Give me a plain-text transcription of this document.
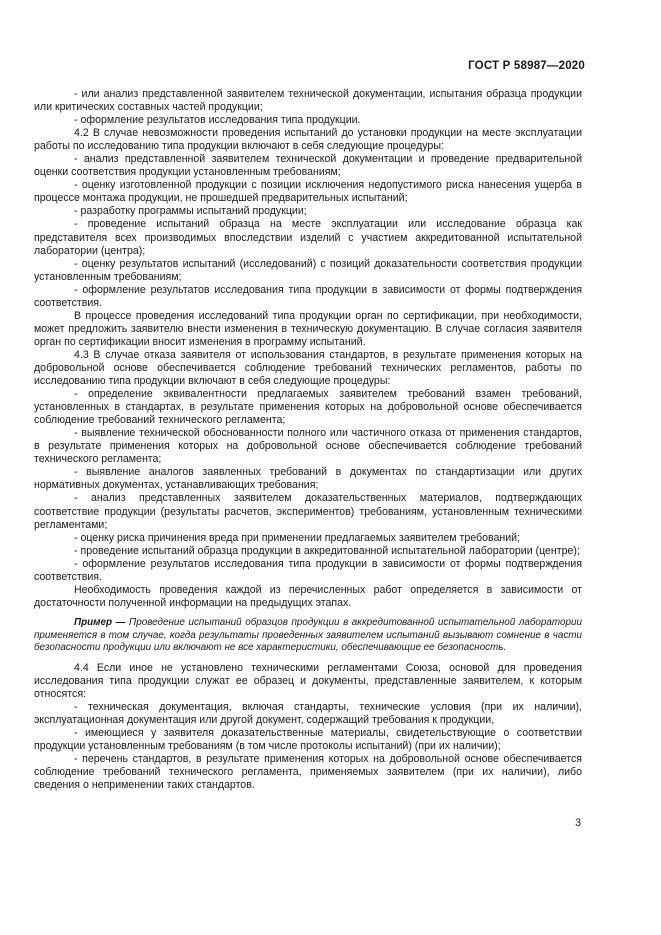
ГОСТ Р 58987—2020

- или анализ представленной заявителем технической документации, испытания образца продукции или критических составных частей продукции;

- оформление результатов исследования типа продукции.

4.2 В случае невозможности проведения испытаний до установки продукции на месте эксплуатации работы по исследованию типа продукции включают в себя следующие процедуры:

- анализ представленной заявителем технической документации и проведение предварительной оценки соответствия продукции установленным требованиям;

- оценку изготовленной продукции с позиции исключения недопустимого риска нанесения ущерба в процессе монтажа продукции, не прошедшей предварительных испытаний;

- разработку программы испытаний продукции;

- проведение испытаний образца на месте эксплуатации или исследование образца как представителя всех производимых впоследствии изделий с участием аккредитованной испытательной лаборатории (центра);

- оценку результатов испытаний (исследований) с позиций доказательности соответствия продукции установленным требованиям;

- оформление результатов исследования типа продукции в зависимости от формы подтверждения соответствия.

В процессе проведения исследований типа продукции орган по сертификации, при необходимости, может предложить заявителю внести изменения в техническую документацию. В случае согласия заявителя орган по сертификации вносит изменения в программу испытаний.

4.3 В случае отказа заявителя от использования стандартов, в результате применения которых на добровольной основе обеспечивается соблюдение требований технических регламентов, работы по исследованию типа продукции включают в себя следующие процедуры:

- определение эквивалентности предлагаемых заявителем требований взамен требований, установленных в стандартах, в результате применения которых на добровольной основе обеспечивается соблюдение требований технического регламента;

- выявление технической обоснованности полного или частичного отказа от применения стандартов, в результате применения которых на добровольной основе обеспечивается соблюдение требований технического регламента;

- выявление аналогов заявленных требований в документах по стандартизации или других нормативных документах, устанавливающих требования;

- анализ представленных заявителем доказательственных материалов, подтверждающих соответствие продукции (результаты расчетов, экспериментов) требованиям, установленным техническими регламентами;

- оценку риска причинения вреда при применении предлагаемых заявителем требований;

- проведение испытаний образца продукции в аккредитованной испытательной лаборатории (центре);

- оформление результатов исследования типа продукции в зависимости от формы подтверждения соответствия.

Необходимость проведения каждой из перечисленных работ определяется в зависимости от достаточности полученной информации на предыдущих этапах.

Пример — Проведение испытаний образцов продукции в аккредитованной испытательной лаборатории применяется в том случае, когда результаты проведенных заявителем испытаний вызывают сомнение в части безопасности продукции или включают не все характеристики, обеспечивающие ее безопасность.

4.4 Если иное не установлено техническими регламентами Союза, основой для проведения исследования типа продукции служат ее образец и документы, представленные заявителем, к которым относятся:

- техническая документация, включая стандарты, технические условия (при их наличии), эксплуатационная документация или другой документ, содержащий требования к продукции,

- имеющиеся у заявителя доказательственные материалы, свидетельствующие о соответствии продукции установленным требованиям (в том числе протоколы испытаний) (при их наличии);

- перечень стандартов, в результате применения которых на добровольной основе обеспечивается соблюдение требований технического регламента, применяемых заявителем (при их наличии), либо сведения о неприменении таких стандартов.

3
